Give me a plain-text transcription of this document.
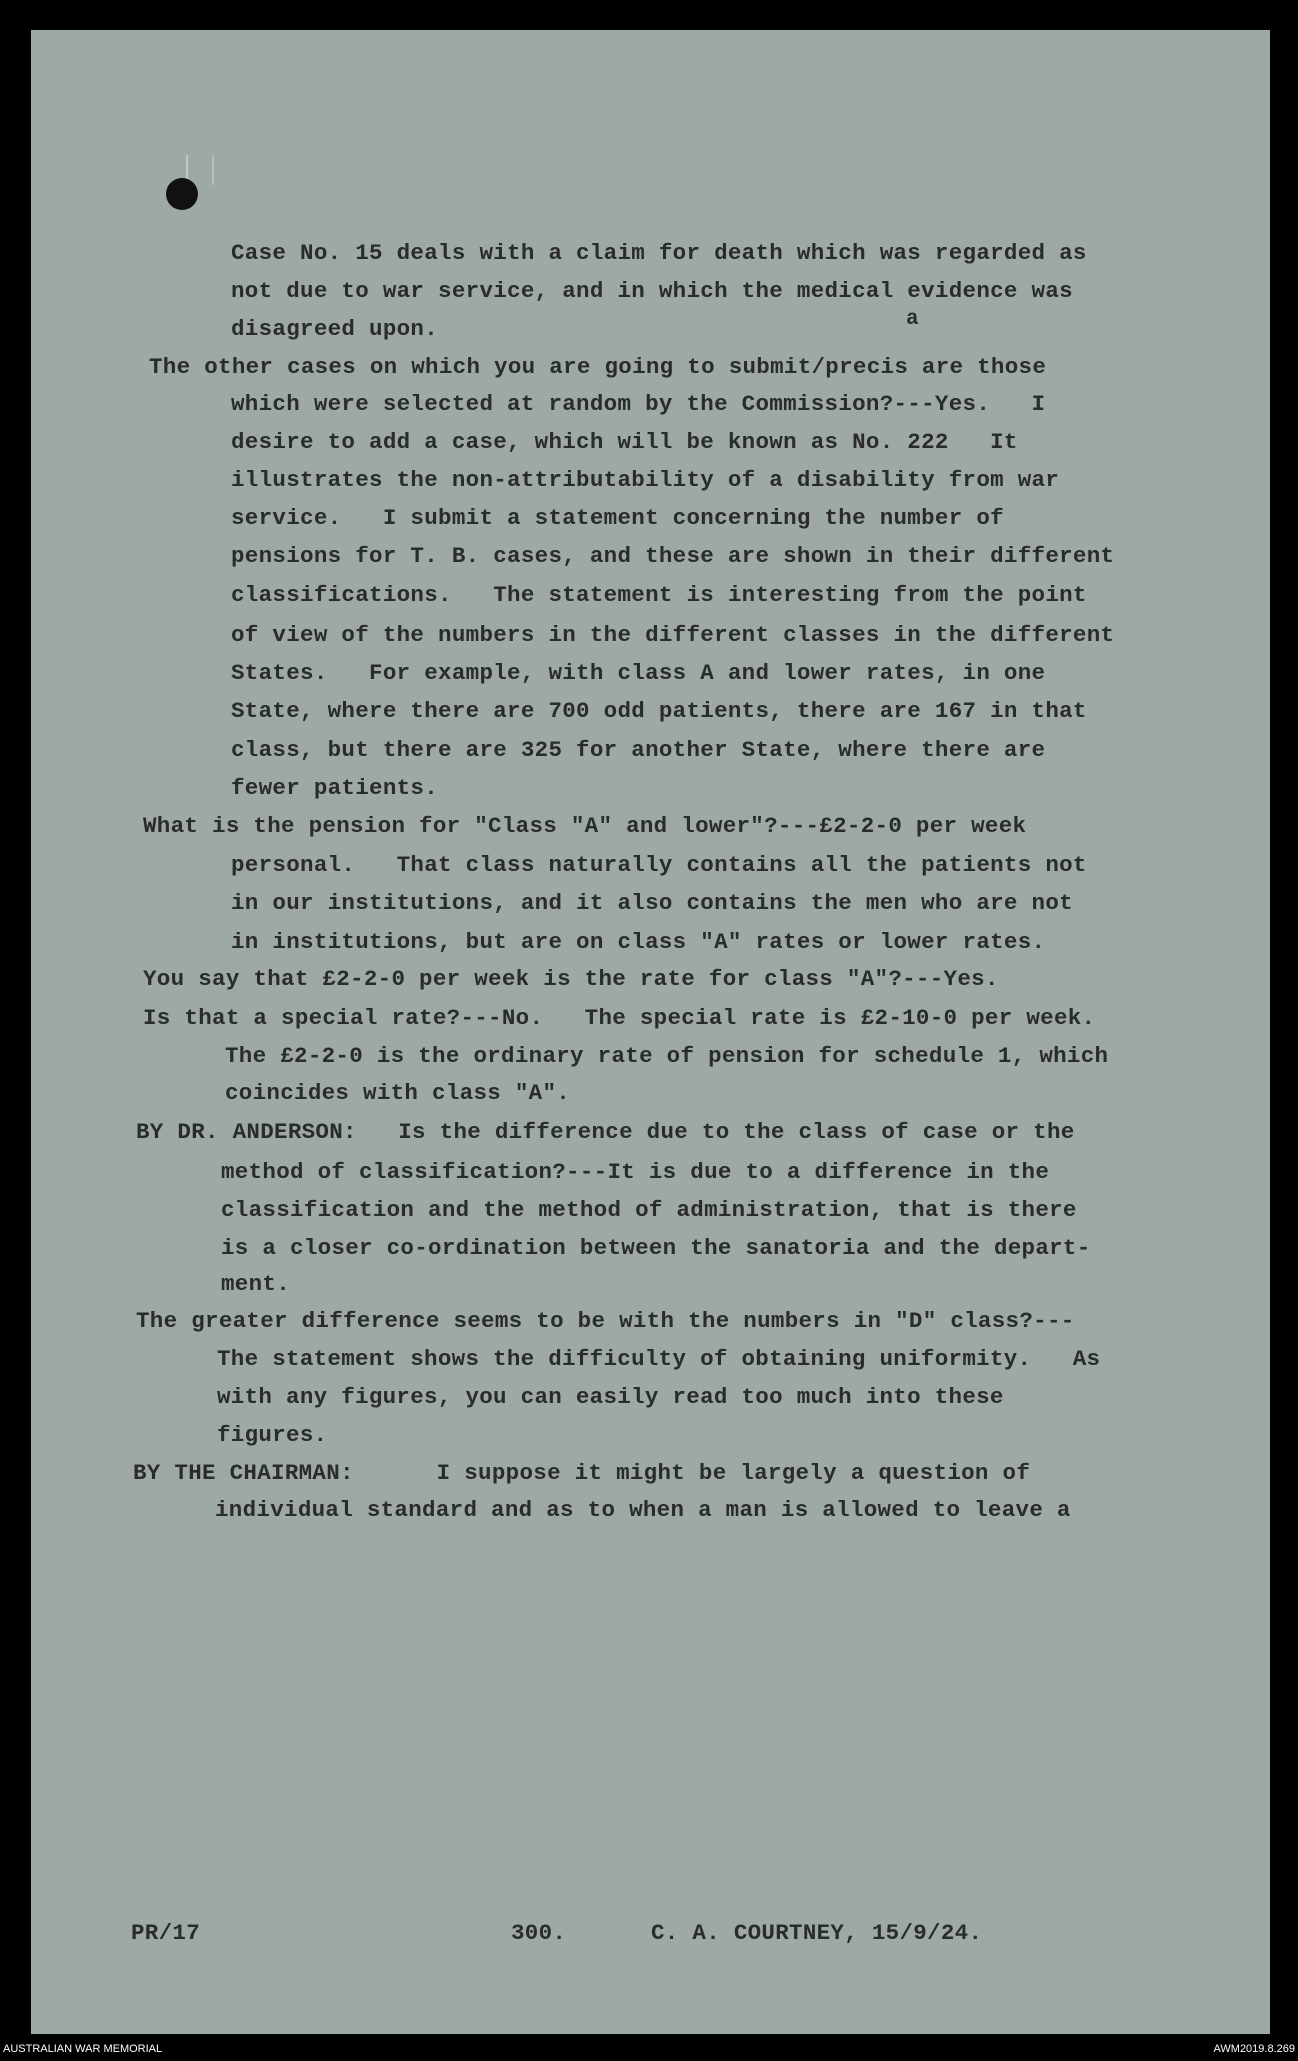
a
Case No. 15 deals with a claim for death which was regarded as
not due to war service, and in which the medical evidence was
disagreed upon.
The other cases on which you are going to submit/precis are those
which were selected at random by the Commission?---Yes.   I
desire to add a case, which will be known as No. 222   It
illustrates the non-attributability of a disability from war
service.   I submit a statement concerning the number of
pensions for T. B. cases, and these are shown in their different
classifications.   The statement is interesting from the point
of view of the numbers in the different classes in the different
States.   For example, with class A and lower rates, in one
State, where there are 700 odd patients, there are 167 in that
class, but there are 325 for another State, where there are
fewer patients.
What is the pension for "Class "A" and lower"?---£2-2-0 per week
personal.   That class naturally contains all the patients not
in our institutions, and it also contains the men who are not
in institutions, but are on class "A" rates or lower rates.
You say that £2-2-0 per week is the rate for class "A"?---Yes.
Is that a special rate?---No.   The special rate is £2-10-0 per week.
The £2-2-0 is the ordinary rate of pension for schedule 1, which
coincides with class "A".
BY DR. ANDERSON:   Is the difference due to the class of case or the
method of classification?---It is due to a difference in the
classification and the method of administration, that is there
is a closer co-ordination between the sanatoria and the depart-
ment.
The greater difference seems to be with the numbers in "D" class?---
The statement shows the difficulty of obtaining uniformity.   As
with any figures, you can easily read too much into these
figures.
BY THE CHAIRMAN:      I suppose it might be largely a question of
individual standard and as to when a man is allowed to leave a
PR/17	300.	C. A. COURTNEY, 15/9/24.
AUSTRALIAN WAR MEMORIAL	AWM2019.8.269
